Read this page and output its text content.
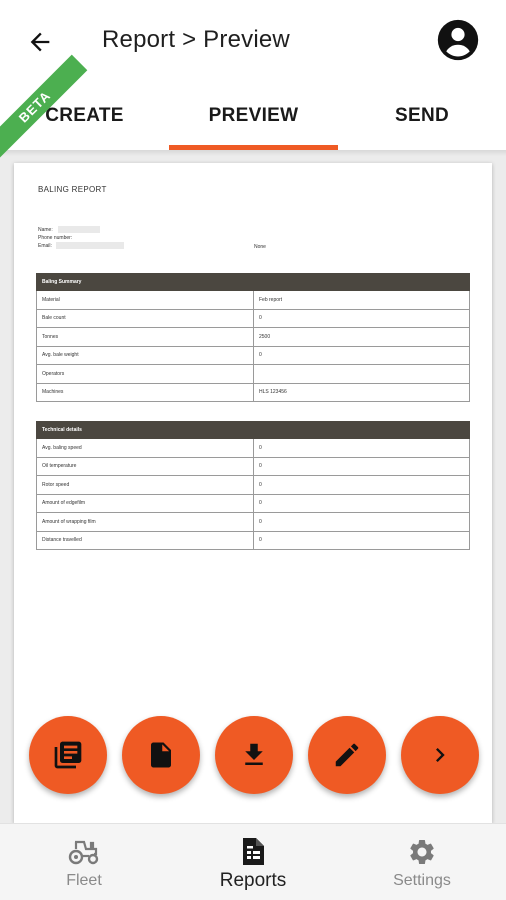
Report > Preview
CREATE	PREVIEW	SEND
BETA
BALING REPORT
Name:
Phone number:
Email:	None
Baling Summary	
Material	Feb report
Bale count	0
Tonnes	2500
Avg. bale weight	0
Operators	
Machines	HLS 123456
Technical details	
Avg. baling speed	0
Oil temperature	0
Rotor speed	0
Amount of edgefilm	0
Amount of wrapping film	0
Distance travelled	0
Fleet	Reports	Settings
